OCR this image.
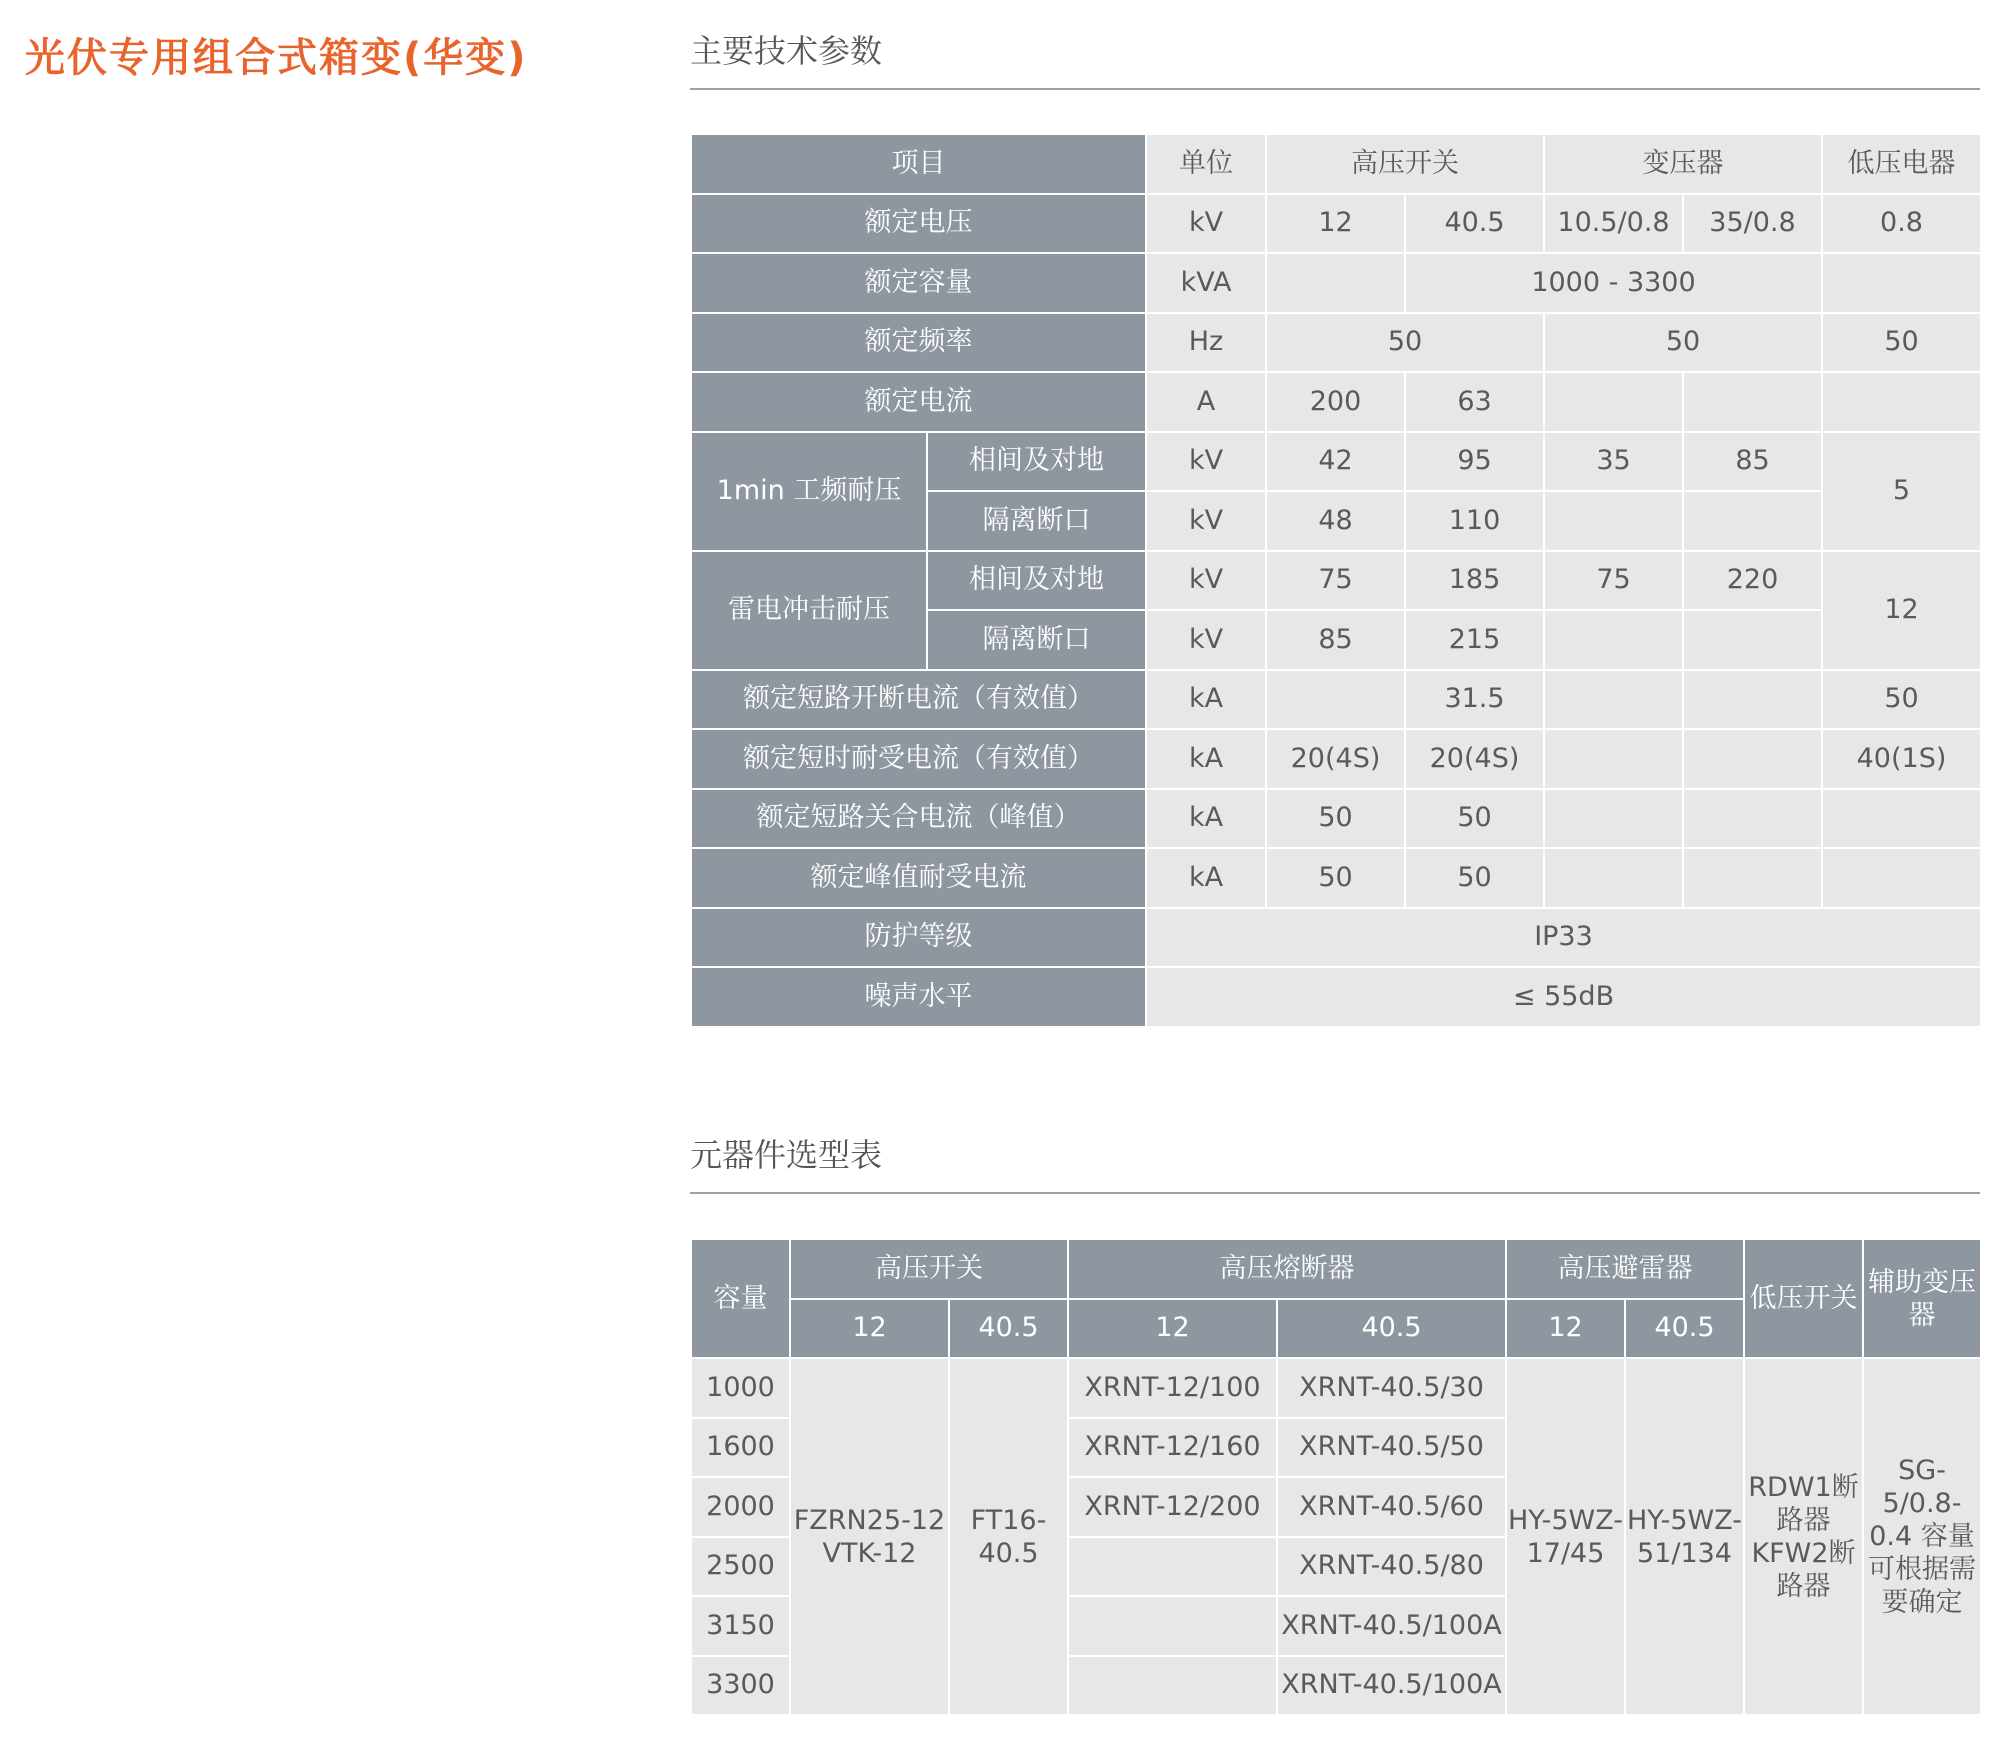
光伏专用组合式箱变(华变)	主要技术参数
项目		单位	高压开关		变压器		低压电器
额定电压		kV	12	40.5	10.5/0.8	35/0.8	0.8
额定容量		kVA		1000 - 3300			
额定频率		Hz	50		50		50
额定电流		A	200	63			
1min 工频耐压	相间及对地	kV	42	95	35	85	5
	隔离断口	kV	48	110			
雷电冲击耐压	相间及对地	kV	75	185	75	220	12
	隔离断口	kV	85	215			
额定短路开断电流（有效值）		kA		31.5			50
额定短时耐受电流（有效值）		kA	20(4S)	20(4S)			40(1S)
额定短路关合电流（峰值）		kA	50	50			
额定峰值耐受电流		kA	50	50			
防护等级		IP33					
噪声水平		≤ 55dB					
元器件选型表
容量	高压开关		高压熔断器		高压避雷器		低压开关	辅助变压器
	12	40.5	12	40.5	12	40.5		
1000	FZRN25-12 VTK-12	FT16-40.5	XRNT-12/100	XRNT-40.5/30	HY-5WZ-17/45	HY-5WZ-51/134	RDW1断路器 KFW2断路器	SG-5/0.8-0.4 容量可根据需要确定
1600			XRNT-12/160	XRNT-40.5/50				
2000			XRNT-12/200	XRNT-40.5/60				
2500				XRNT-40.5/80				
3150				XRNT-40.5/100A				
3300				XRNT-40.5/100A				
